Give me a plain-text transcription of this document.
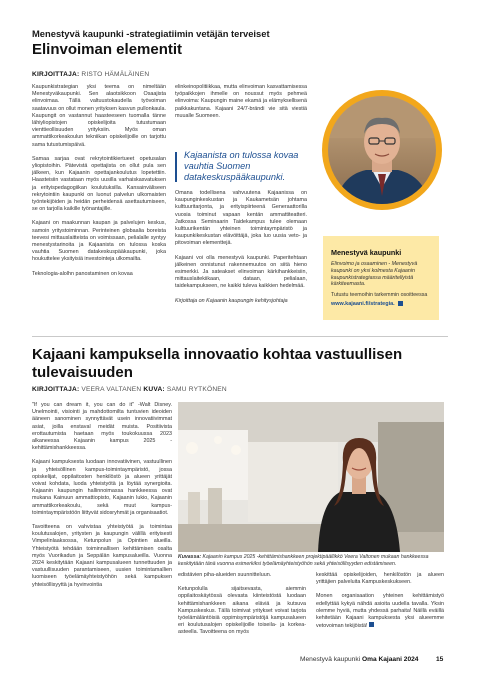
Menestyvä kaupunki -strategiatiimin vetäjän terveiset
Elinvoiman elementit
KIRJOITTAJA: RISTO HÄMÄLÄINEN

Kaupunkistrategian yksi teema on nimeltään Menestyväkaupunki. Sen alaotsikkoon Osaajista elinvoimaa. Tällä valtuustokaudella työvoiman saatavuus on ollut monen yrityksen kasvun pullonkaula. Kaupungit on vastannut haasteeseen tuomalla tänne lähiyliopistojen opiskelijoita tutustumaan vienttieollisuuden yrityksiin. Myös oman ammattikorkeakoulun tekniikan opiskelijoille on tarjottu sama tutustumispäivä.

Samaa sarjaa ovat rekrytointikiertueet opetusalan yliopistoihin. Pätevistä opettajista on ollut pula sen jälkeen, kun Kajaanin opettajankoulutus lopetettiin. Haasteisiin vastataan myös uusilla varhaiskasvatuksen ja erityispedagogiikan koulutuksilla. Kansainväliseen rekrytointiin kaupunki on luonut palvelun ulkomaisten työntekijöiden ja heidän perheidensä asettautumiseen, se on tarjolla kaikille työnantajille.

Kajaani on maakunnan kaupan ja palvelujen keskus, samoin yritystoiminnan. Perinteinen globaalia boreista teevesi mittauslaitteista on voimissaan, pelialalle syntyy menestystarinoita ja Kajaanista on tulossa koska vauhtia Suomen datakeskuspääkaupunki, joka houkuttelee yksityisiä investointeja ulkomailta.

Teknologia-alolhn panostaminen on kovaa

elinkeinopolitiikkaa, mutta elinvoiman kasvattamisessa työpaikkojen ihmelle on noussut myös pehmeä elinvoima: Kaupungin maine ekamä ja elämyksellisenä paikkakuntana. Kajaani 24/7-brändi vie sitä viestiä muualle Suomeen.

Kajaanista on tulossa kovaa vauhtia Suomen datakeskuspääkaupunki.

Omana todellisena vahvuutena Kajaanissa on kaupunginkeskustan ja Kaukametsän johtama kulttuuritarjonta, ja erityispiirteenä Generaattorilla vuosia toiminut vapaan kentän ammattiteatteri. Jatkossa Seminaarin Taidekampus tulee olemaan kulttuurikentän yhteinen toimintaympäristö ja kaupunkikeskustan elävöittäjä, joka luo uusia veto- ja pitovoiman elementtejä.

Kajaani voi olla menestyvä kaupunki. Paperitehtaan jälkeinen onnistunut rakennemuutos on siitä hieno esimerkki. Ja sateakset elinvoiman kärkihankkeisiin, mittauslaitekiikaan, dataan, pelialaan, taidekampukseen, ne kaikki tuleva kaikkien hedelmää.

Kirjoittaja on Kajaanin kaupungin kehitysjohtaja

Menestyvä kaupunki
Elinvoimo ja osaaminen - Menestyvä kaupunki on yksi kolmesta Kajaanin kaupunkistrategiassa määritellyistä kärkiteemasta.
Tutustu teemoihin tarkemmin osoitteessa
www.kajaani.fi/strategia.
Kajaani kampuksella innovaatio kohtaa vastuullisen tulevaisuuden
KIRJOITTAJA: VEERA VALTANEN KUVA: SAMU RYTKÖNEN

"If you can dream it, you can do it" -Walt Disney. Unelmointi, visiointi ja mahdottomilta tuntuvien ideoiden ääneen sanominen synnyttävät usein innovatiivimmat asiat, joilla enstaval meidät muista. Positiivista erottautumista haetaan myös toukokuussa 2023 alkaneessa Kajaanin kampus 2025 -kehittämishankkeessa.

Kajaani kampuksesta luodaan innovatiivinen, vastuullinen ja yhteisöllinen kampus-toimintaympäristö, jossa opiskelijat, oppilaitosten henkilöstö ja alueen yrittäjät voivat kohdata, luoda yhteistyötä ja löytää synergioita. Kajaanin kaupungin hallinnoimassa hankkeessa ovat mukana Kainuun ammattiopisto, Kajaanin lukio, Kajaanin ammattikorkeakoulu, sekä muut kampus-toimintaympäristöön liittyvät sidosryhmät ja organisaatiot.

Tavoitteena on vahvistaa yhteistyötä ja toimintaa koulutusalojen, yritysten ja kaupungin välillä erityisesti Vimpelinlaaksossa, Ketunpolun ja Opintien alueilla. Yhteistyötä tehdään toiminnallisen kehittämisen osalta myös Vuorikadun ja Seppälän kampusalueilla. Vuonna 2024 keskitytään Kajaani kampusalueen tunnettuuden ja vastuullisuuden parantamiseen, uusien toimintamallien luomiseen työelämäyhteistyöhön sekä kampuksen yhteisöllisyyttä ja hyvinvointia

Kuvassa: Kajaanin kampus 2025 -kehittämishankkeen projektipäällikkö Veera Valtonen mukaan hankkeessa keskitytään tänä vuonna esimerkiksi työelämäyhteistyöhön sekä yhteisöllisyyden edistämiseen.

edistävien piha-alueiden suunnitteluun.

Ketunpolulla sijaitsevasta, aiemmin oppilaitoskäytössä olevasta kiinteistöstä luodaan kehittämishankkeen aikana eläviä ja kutsuva Kampuskeskus. Tällä toimivat yritykset voivat tarjota työelämäläntöisiä oppimisympäristöjä kampusalueen eri koulutusalojen opiskelijoille toiseila- ja korkea-asteella. Tavoitteena on myös

keskittää opiskelijoiden, henkilöstön ja alueen yrittäjien palveluita Kampuskeskukseen.

Monen organisaation yhteinen kehittämistyö edellyttää kykyä nähdä asioita uudella tavalla. Yksin olemme hyviä, mutta yhdessä parhaita! Näillä eväillä kehitetään Kajaani kampuksesta yksi alueemme vetovoiman tekijöistä!

Menestyvä kaupunki Oma Kajaani 2024	15
